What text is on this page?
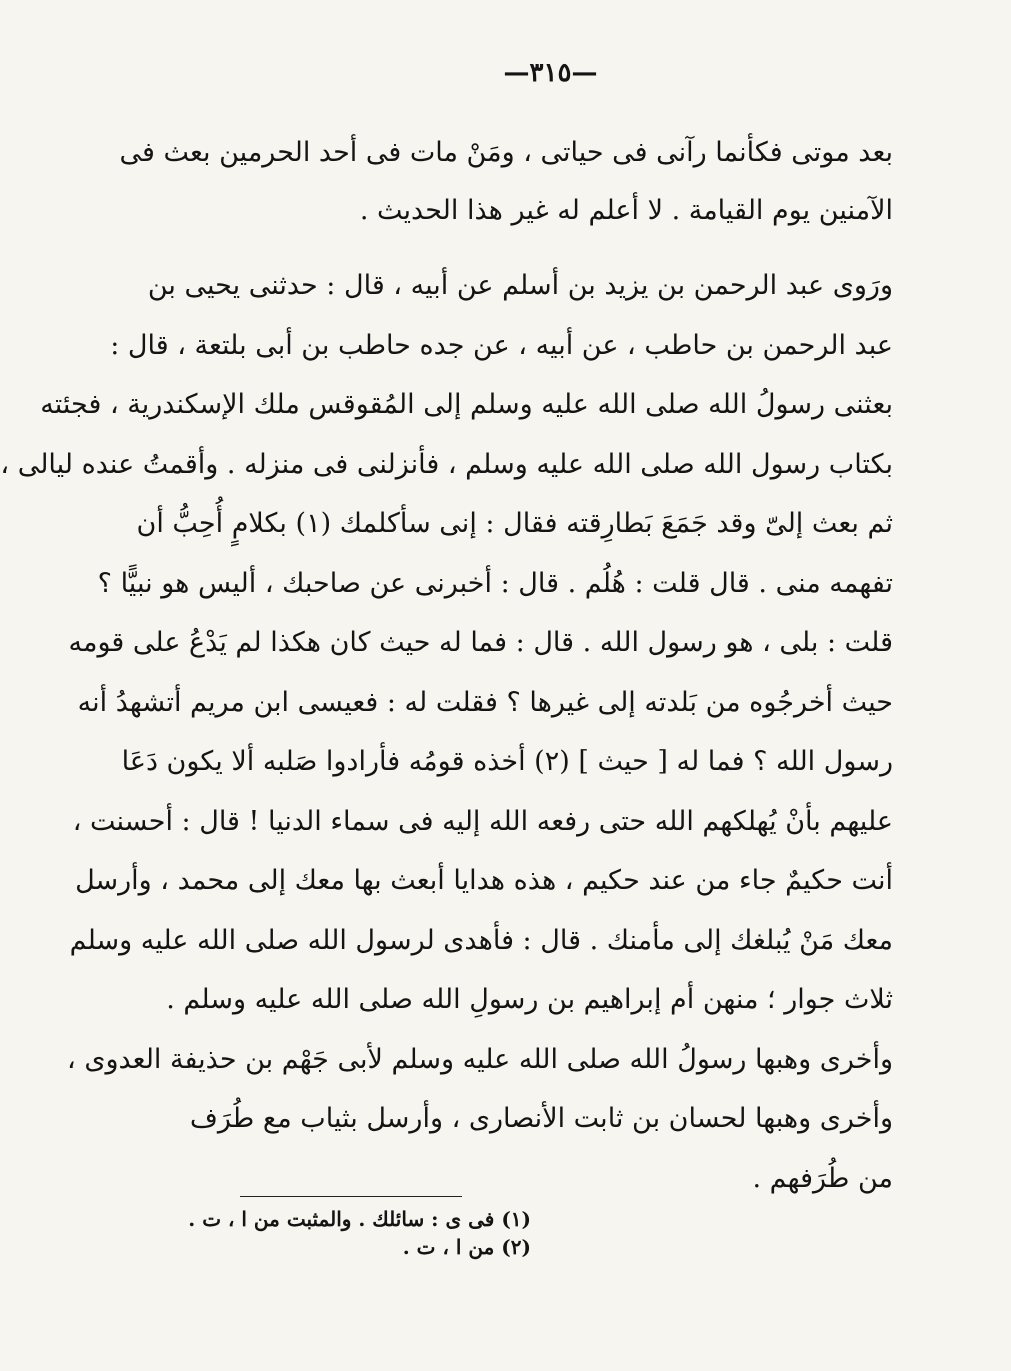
—٣١٥—
بعد موتى فكأنما رآنى فى حياتى ، ومَنْ مات فى أحد الحرمين بعث فى
الآمنين يوم القيامة . لا أعلم له غير هذا الحديث .
ورَوى عبد الرحمن بن يزيد بن أسلم عن أبيه ، قال : حدثنى يحيى بن
عبد الرحمن بن حاطب ، عن أبيه ، عن جده حاطب بن أبى بلتعة ، قال :
بعثنى رسولُ الله صلى الله عليه وسلم إلى المُقوقس ملك الإسكندرية ، فجئته
بكتاب رسول الله صلى الله عليه وسلم ، فأنزلنى فى منزله . وأقمتُ عنده ليالى ،
ثم بعث إلىّ وقد جَمَعَ بَطارِقته فقال : إنى سأكلمك (١) بكلامٍ أُحِبُّ أن
تفهمه منى . قال قلت : هُلُم . قال : أخبرنى عن صاحبك ، أليس هو نبيًّا ؟
قلت : بلى ، هو رسول الله . قال : فما له حيث كان هكذا لم يَدْعُ على قومه
حيث أخرجُوه من بَلدته إلى غيرها ؟ فقلت له : فعيسى ابن مريم أتشهدُ أنه
رسول الله ؟ فما له [ حيث ] (٢) أخذه قومُه فأرادوا صَلبه ألا يكون دَعَا
عليهم بأنْ يُهلكهم الله حتى رفعه الله إليه فى سماء الدنيا ! قال : أحسنت ،
أنت حكيمٌ جاء من عند حكيم ، هذه هدايا أبعث بها معك إلى محمد ، وأرسل
معك مَنْ يُبلغك إلى مأمنك . قال : فأهدى لرسول الله صلى الله عليه وسلم
ثلاث جوار ؛ منهن أم إبراهيم بن رسولِ الله صلى الله عليه وسلم .
وأخرى وهبها رسولُ الله صلى الله عليه وسلم لأبى جَهْم بن حذيفة العدوى ،
وأخرى وهبها لحسان بن ثابت الأنصارى ، وأرسل بثياب مع طُرَف
من طُرَفهم .
(١) فى ى : سائلك . والمثبت من ا ، ت .
(٢) من ا ، ت .
